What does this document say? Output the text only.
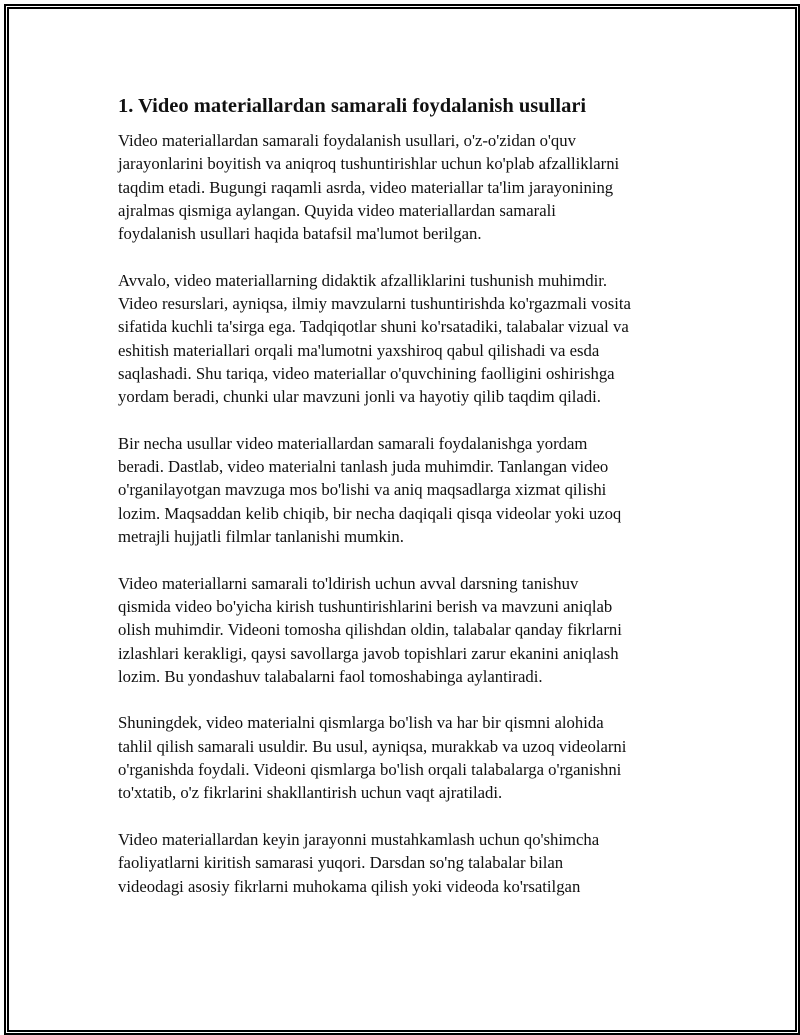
1. Video materiallardan samarali foydalanish usullari

Video materiallardan samarali foydalanish usullari, o'z-o'zidan o'quv
jarayonlarini boyitish va aniqroq tushuntirishlar uchun ko'plab afzalliklarni
taqdim etadi. Bugungi raqamli asrda, video materiallar ta'lim jarayonining
ajralmas qismiga aylangan. Quyida video materiallardan samarali
foydalanish usullari haqida batafsil ma'lumot berilgan.

Avvalo, video materiallarning didaktik afzalliklarini tushunish muhimdir.
Video resurslari, ayniqsa, ilmiy mavzularni tushuntirishda ko'rgazmali vosita
sifatida kuchli ta'sirga ega. Tadqiqotlar shuni ko'rsatadiki, talabalar vizual va
eshitish materiallari orqali ma'lumotni yaxshiroq qabul qilishadi va esda
saqlashadi. Shu tariqa, video materiallar o'quvchining faolligini oshirishga
yordam beradi, chunki ular mavzuni jonli va hayotiy qilib taqdim qiladi.

Bir necha usullar video materiallardan samarali foydalanishga yordam
beradi. Dastlab, video materialni tanlash juda muhimdir. Tanlangan video
o'rganilayotgan mavzuga mos bo'lishi va aniq maqsadlarga xizmat qilishi
lozim. Maqsaddan kelib chiqib, bir necha daqiqali qisqa videolar yoki uzoq
metrajli hujjatli filmlar tanlanishi mumkin.

Video materiallarni samarali to'ldirish uchun avval darsning tanishuv
qismida video bo'yicha kirish tushuntirishlarini berish va mavzuni aniqlab
olish muhimdir. Videoni tomosha qilishdan oldin, talabalar qanday fikrlarni
izlashlari kerakligi, qaysi savollarga javob topishlari zarur ekanini aniqlash
lozim. Bu yondashuv talabalarni faol tomoshabinga aylantiradi.

Shuningdek, video materialni qismlarga bo'lish va har bir qismni alohida
tahlil qilish samarali usuldir. Bu usul, ayniqsa, murakkab va uzoq videolarni
o'rganishda foydali. Videoni qismlarga bo'lish orqali talabalarga o'rganishni
to'xtatib, o'z fikrlarini shakllantirish uchun vaqt ajratiladi.

Video materiallardan keyin jarayonni mustahkamlash uchun qo'shimcha
faoliyatlarni kiritish samarasi yuqori. Darsdan so'ng talabalar bilan
videodagi asosiy fikrlarni muhokama qilish yoki videoda ko'rsatilgan
